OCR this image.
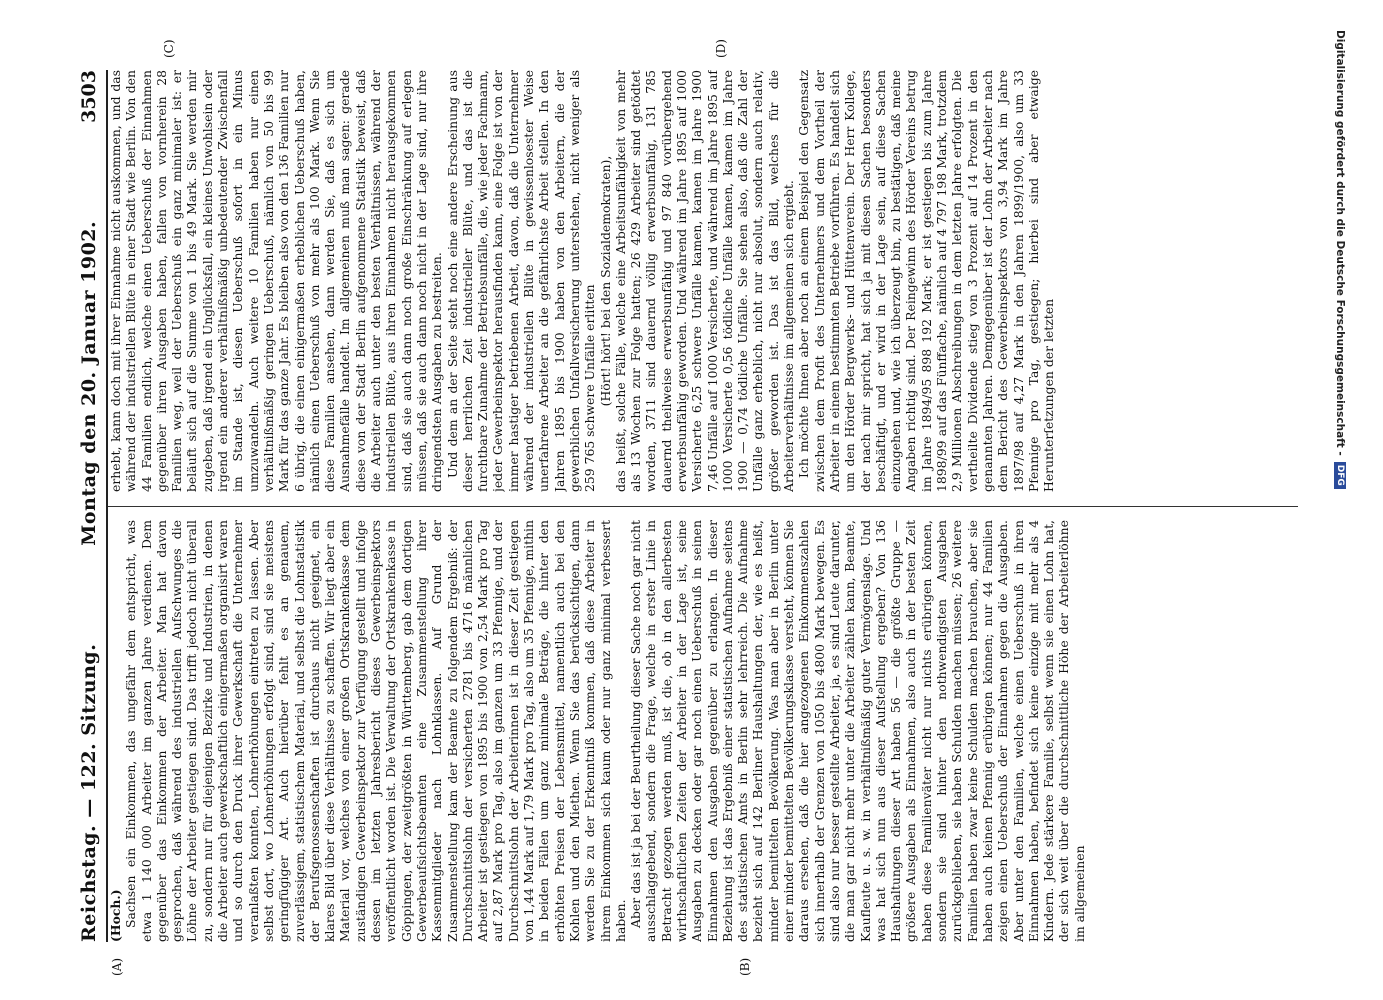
Reichstag. — 122. Sitzung.
Montag den 20. Januar 1902.
3503
(A)	(B)
(C)	(D)

(Hoch.) Sachsen ein Einkommen, das ungefähr dem entspricht, was etwa 1 140 000 Arbeiter im ganzen Jahre verdienen. Dem gegenüber das Einkommen der Arbeiter. Man hat davon gesprochen, daß während des industriellen Aufschwunges die Löhne der Arbeiter gestiegen sind. Das trifft jedoch nicht überall zu, sondern nur für diejenigen Bezirke und Industrien, in denen die Arbeiter auch gewerkschaftlich einigermaßen organisirt waren und so durch den Druck ihrer Gewerkschaft die Unternehmer veranlaßten konnten, Lohnerhöhungen eintreten zu lassen. Aber selbst dort, wo Lohnerhöhungen erfolgt sind, sind sie meistens geringfügiger Art. Auch hierüber fehlt es an genauem, zuverlässigem, statistischem Material, und selbst die Lohnstatistik der Berufsgenossenschaften ist durchaus nicht geeignet, ein klares Bild über diese Verhältnisse zu schaffen. Wir liegt aber ein Material vor, welches von einer großen Ortskrankenkasse dem zuständigen Gewerbeinspektor zur Verfügung gestellt und infolge dessen im letzten Jahresbericht dieses Gewerbeinspektors veröffentlicht worden ist. Die Verwaltung der Ortskrankenkasse in Göppingen, der zweitgrößten in Württemberg, gab dem dortigen Gewerbeaufsichtsbeamten eine Zusammenstellung ihrer Kassenmitglieder nach Lohnklassen. Auf Grund der Zusammenstellung kam der Beamte zu folgendem Ergebniß: der Durchschnittslohn der versicherten 2781 bis 4716 männlichen Arbeiter ist gestiegen von 1895 bis 1900 von 2,54 Mark pro Tag auf 2,87 Mark pro Tag, also im ganzen um 33 Pfennige, und der Durchschnittslohn der Arbeiterinnen ist in dieser Zeit gestiegen von 1,44 Mark auf 1,79 Mark pro Tag, also um 35 Pfennige, mithin in beiden Fällen um ganz minimale Beträge, die hinter den erhöhten Preisen der Lebensmittel, namentlich auch bei den Kohlen und den Miethen. Wenn Sie das berücksichtigen, dann werden Sie zu der Erkenntniß kommen, daß diese Arbeiter in ihrem Einkommen sich kaum oder nur ganz minimal verbessert haben. Aber das ist ja bei der Beurtheilung dieser Sache noch gar nicht ausschlaggebend, sondern die Frage, welche in erster Linie in Betracht gezogen werden muß, ist die, ob in den allerbesten wirthschaftlichen Zeiten der Arbeiter in der Lage ist, seine Ausgaben zu decken oder gar noch einen Ueberschuß in seinen Einnahmen den Ausgaben gegenüber zu erlangen. In dieser Beziehung ist das Ergebniß einer statistischen Aufnahme seitens des statistischen Amts in Berlin sehr lehrreich. Die Aufnahme bezieht sich auf 142 Berliner Haushaltungen der, wie es heißt, minder bemittelten Bevölkerung. Was man aber in Berlin unter einer minder bemittelten Bevölkerungsklasse versteht, können Sie daraus ersehen, daß die hier angezogenen Einkommenszahlen sich innerhalb der Grenzen von 1050 bis 4800 Mark bewegen. Es sind also nur besser gestellte Arbeiter, ja, es sind Leute darunter, die man gar nicht mehr unter die Arbeiter zählen kann, Beamte, Kaufleute u. s. w. in verhältnißmäßig guter Vermögenslage. Und was hat sich nun aus dieser Aufstellung ergeben? Von 136 Haushaltungen dieser Art haben 56 — die größte Gruppe — größere Ausgaben als Einnahmen, also auch in der besten Zeit haben diese Familienväter nicht nur nichts erübrigen können, sondern sie sind hinter den nothwendigsten Ausgaben zurückgeblieben, sie haben Schulden machen müssen; 26 weitere Familien haben zwar keine Schulden machen brauchen, aber sie haben auch keinen Pfennig erübrigen können; nur 44 Familien zeigen einen Ueberschuß der Einnahmen gegen die Ausgaben. Aber unter den Familien, welche einen Ueberschuß in ihren Einnahmen haben, befindet sich keine einzige mit mehr als 4 Kindern. Jede stärkere Familie, selbst wenn sie einen Lohn hat, der sich weit über die durchschnittliche Höhe der Arbeiterlöhne im allgemeinen

erhebt, kann doch mit ihrer Einnahme nicht auskommen, und das während der industriellen Blüte in einer Stadt wie Berlin. Von den 44 Familien endlich, welche einen Ueberschuß der Einnahmen gegenüber ihren Ausgaben haben, fallen von vornherein 28 Familien weg, weil der Ueberschuß ein ganz minimaler ist: er beläuft sich auf die Summe von 1 bis 49 Mark. Sie werden mir zugeben, daß irgend ein Unglücksfall, ein kleines Unwohlsein oder irgend ein anderer verhältnißmäßig unbedeutender Zwischenfall im Stande ist, diesen Ueberschuß sofort in ein Minus umzuwandeln. Auch weitere 10 Familien haben nur einen verhältnißmäßig geringen Ueberschuß, nämlich von 50 bis 99 Mark für das ganze Jahr. Es bleiben also von den 136 Familien nur 6 übrig, die einen einigermaßen erheblichen Ueberschuß haben, nämlich einen Ueberschuß von mehr als 100 Mark. Wenn Sie diese Familien ansehen, dann werden Sie, daß es sich um Ausnahmefälle handelt. Im allgemeinen muß man sagen: gerade diese von der Stadt Berlin aufgenommene Statistik beweist, daß die Arbeiter auch unter den besten Verhältnissen, während der industriellen Blüte, aus ihren Einnahmen nicht herausgekommen sind, daß sie auch dann noch große Einschränkung auf erlegen müssen, daß sie auch dann noch nicht in der Lage sind, nur ihre dringendsten Ausgaben zu bestreiten. Und dem an der Seite steht noch eine andere Erscheinung aus dieser herrlichen Zeit industrieller Blüte, und das ist die furchtbare Zunahme der Betriebsunfälle, die, wie jeder Fachmann, jeder Gewerbeinspektor herausfinden kann, eine Folge ist von der immer hastiger betriebenen Arbeit, davon, daß die Unternehmer während der industriellen Blüte in gewissenlosester Weise unerfahrene Arbeiter an die gefährlichste Arbeit stellen. In den Jahren 1895 bis 1900 haben von den Arbeitern, die der gewerblichen Unfallversicherung unterstehen, nicht weniger als 259 765 schwere Unfälle erlitten (Hört! hört! bei den Sozialdemokraten), das heißt, solche Fälle, welche eine Arbeitsunfähigkeit von mehr als 13 Wochen zur Folge hatten; 26 429 Arbeiter sind getödtet worden, 3711 sind dauernd völlig erwerbsunfähig, 131 785 dauernd theilweise erwerbsunfähig und 97 840 vorübergehend erwerbsunfähig geworden. Und während im Jahre 1895 auf 1000 Versicherte 6,25 schwere Unfälle kamen, kamen im Jahre 1900 7,46 Unfälle auf 1000 Versicherte, und während im Jahre 1895 auf 1000 Versicherte 0,56 tödliche Unfälle kamen, kamen im Jahre 1900 — 0,74 tödliche Unfälle. Sie sehen also, daß die Zahl der Unfälle ganz erheblich, nicht nur absolut, sondern auch relativ, größer geworden ist. Das ist das Bild, welches für die Arbeiterverhältnisse im allgemeinen sich ergiebt. Ich möchte Ihnen aber noch an einem Beispiel den Gegensatz zwischen dem Profit des Unternehmers und dem Vortheil der Arbeiter in einem bestimmten Betriebe vorführen. Es handelt sich um den Hörder Bergwerks- und Hüttenverein. Der Herr Kollege, der nach mir spricht, hat sich ja mit diesen Sachen besonders beschäftigt, und er wird in der Lage sein, auf diese Sachen einzugehen und, wie ich überzeugt bin, zu bestätigen, daß meine Angaben richtig sind. Der Reingewinn des Hörder Vereins betrug im Jahre 1894/95 898 192 Mark; er ist gestiegen bis zum Jahre 1898/99 auf das Fünffache, nämlich auf 4 797 198 Mark, trotzdem 2,9 Millionen Abschreibungen in dem letzten Jahre erfolgten. Die vertheilte Dividende stieg von 3 Prozent auf 14 Prozent in den genannten Jahren. Demgegenüber ist der Lohn der Arbeiter nach dem Bericht des Gewerbeinspektors von 3,94 Mark im Jahre 1897/98 auf 4,27 Mark in den Jahren 1899/1900, also um 33 Pfennige pro Tag, gestiegen; hierbei sind aber etwaige Herunterſetzungen der letzten	Digitalisierung gefördert durch die Deutsche Forschungsgemeinschaft -
DFG
